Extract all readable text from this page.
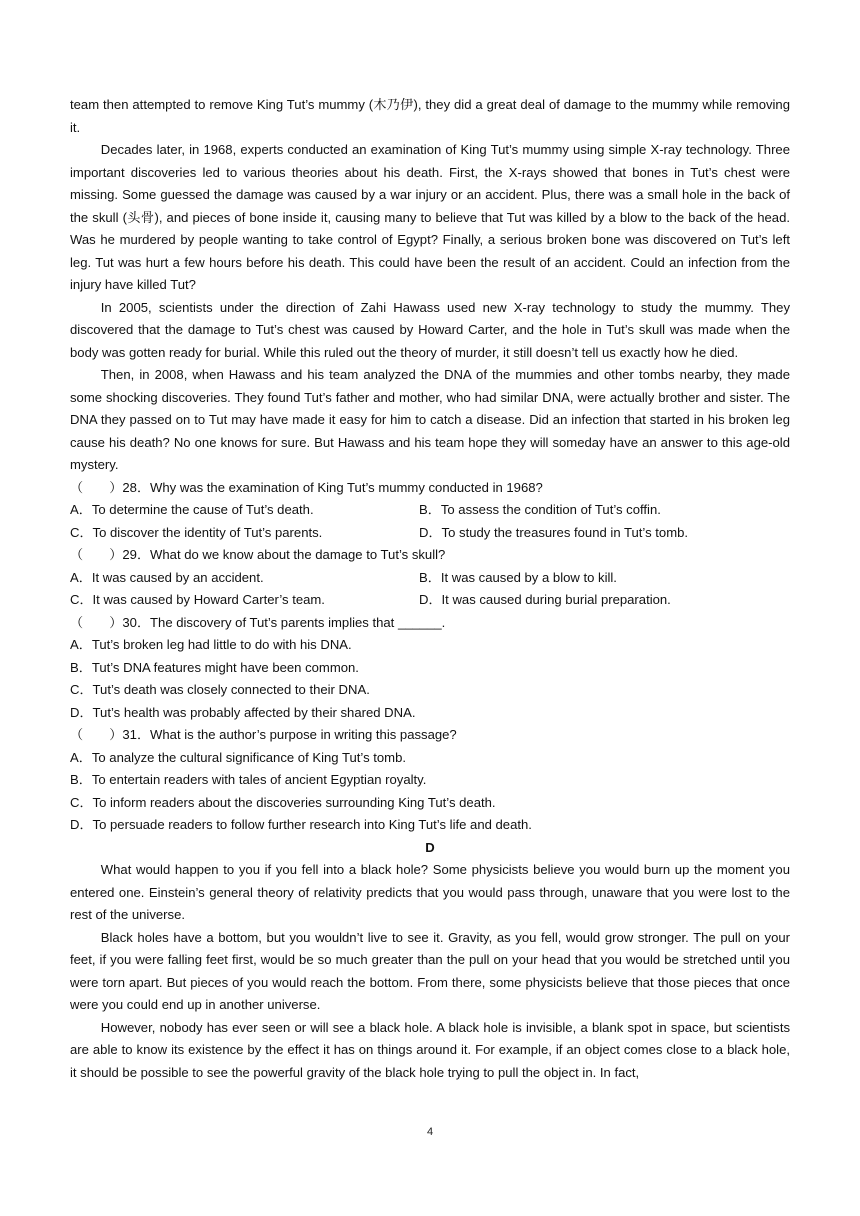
team then attempted to remove King Tut’s mummy (木乃伊), they did a great deal of damage to the mummy while removing it.

Decades later, in 1968, experts conducted an examination of King Tut’s mummy using simple X-ray technology. Three important discoveries led to various theories about his death. First, the X-rays showed that bones in Tut’s chest were missing. Some guessed the damage was caused by a war injury or an accident. Plus, there was a small hole in the back of the skull (头骨), and pieces of bone inside it, causing many to believe that Tut was killed by a blow to the back of the head. Was he murdered by people wanting to take control of Egypt? Finally, a serious broken bone was discovered on Tut’s left leg. Tut was hurt a few hours before his death. This could have been the result of an accident. Could an infection from the injury have killed Tut?

In 2005, scientists under the direction of Zahi Hawass used new X-ray technology to study the mummy. They discovered that the damage to Tut’s chest was caused by Howard Carter, and the hole in Tut’s skull was made when the body was gotten ready for burial. While this ruled out the theory of murder, it still doesn’t tell us exactly how he died.

Then, in 2008, when Hawass and his team analyzed the DNA of the mummies and other tombs nearby, they made some shocking discoveries. They found Tut’s father and mother, who had similar DNA, were actually brother and sister. The DNA they passed on to Tut may have made it easy for him to catch a disease. Did an infection that started in his broken leg cause his death? No one knows for sure. But Hawass and his team hope they will someday have an answer to this age-old mystery.

（　　）28．Why was the examination of King Tut’s mummy conducted in 1968?

A．To determine the cause of Tut’s death.	B．To assess the condition of Tut’s coffin.
C．To discover the identity of Tut’s parents.	D．To study the treasures found in Tut’s tomb.

（　　）29．What do we know about the damage to Tut’s skull?

A．It was caused by an accident.	B．It was caused by a blow to kill.
C．It was caused by Howard Carter’s team.	D．It was caused during burial preparation.

（　　）30．The discovery of Tut’s parents implies that ______.

A．Tut’s broken leg had little to do with his DNA.

B．Tut’s DNA features might have been common.

C．Tut’s death was closely connected to their DNA.

D．Tut’s health was probably affected by their shared DNA.

（　　）31．What is the author’s purpose in writing this passage?

A．To analyze the cultural significance of King Tut’s tomb.

B．To entertain readers with tales of ancient Egyptian royalty.

C．To inform readers about the discoveries surrounding King Tut’s death.

D．To persuade readers to follow further research into King Tut’s life and death.

D

What would happen to you if you fell into a black hole? Some physicists believe you would burn up the moment you entered one. Einstein’s general theory of relativity predicts that you would pass through, unaware that you were lost to the rest of the universe.

Black holes have a bottom, but you wouldn’t live to see it. Gravity, as you fell, would grow stronger. The pull on your feet, if you were falling feet first, would be so much greater than the pull on your head that you would be stretched until you were torn apart. But pieces of you would reach the bottom. From there, some physicists believe that those pieces that once were you could end up in another universe.

However, nobody has ever seen or will see a black hole. A black hole is invisible, a blank spot in space, but scientists are able to know its existence by the effect it has on things around it. For example, if an object comes close to a black hole, it should be possible to see the powerful gravity of the black hole trying to pull the object in. In fact,

4
